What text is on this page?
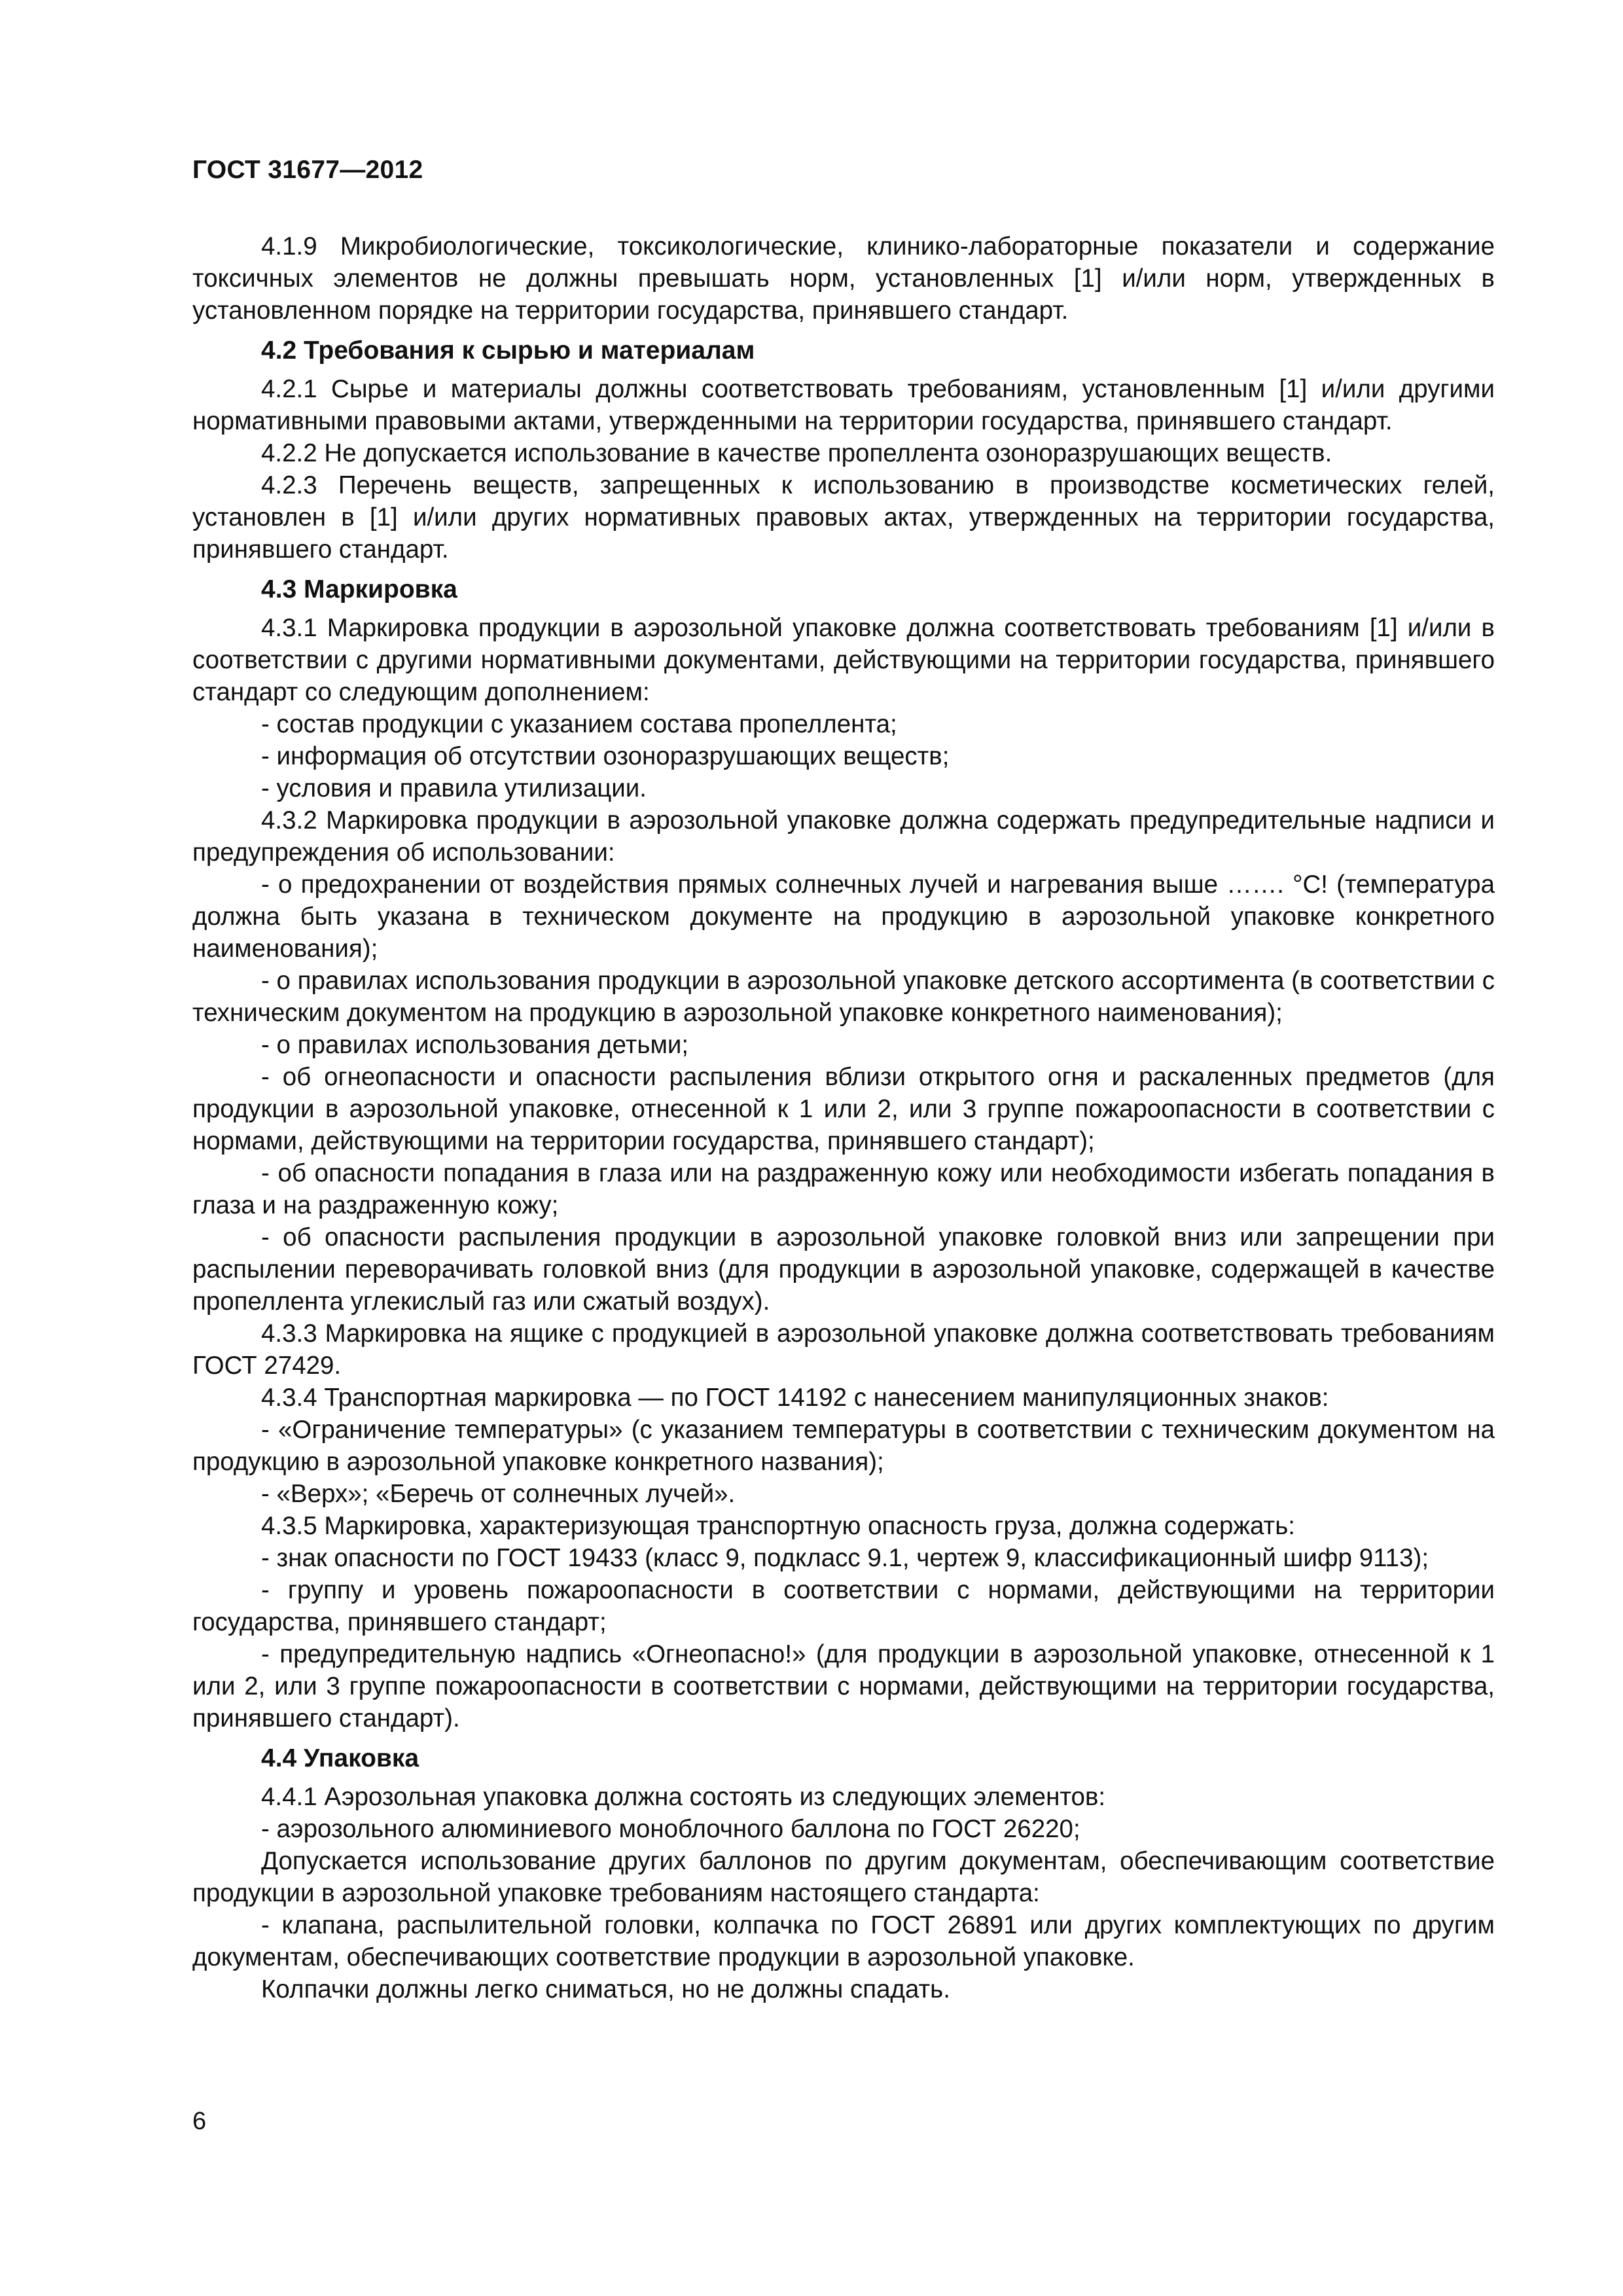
ГОСТ 31677—2012

4.1.9 Микробиологические, токсикологические, клинико-лабораторные показатели и содержание токсичных элементов не должны превышать норм, установленных [1] и/или норм, утвержденных в установленном порядке на территории государства, принявшего стандарт.

4.2 Требования к сырью и материалам

4.2.1 Сырье и материалы должны соответствовать требованиям, установленным [1] и/или другими нормативными правовыми актами, утвержденными на территории государства, принявшего стандарт.

4.2.2 Не допускается использование в качестве пропеллента озоноразрушающих веществ.

4.2.3 Перечень веществ, запрещенных к использованию в производстве косметических гелей, установлен в [1] и/или других нормативных правовых актах, утвержденных на территории государства, принявшего стандарт.

4.3 Маркировка

4.3.1 Маркировка продукции в аэрозольной упаковке должна соответствовать требованиям [1] и/или в соответствии с другими нормативными документами, действующими на территории государства, принявшего стандарт со следующим дополнением:

- состав продукции с указанием состава пропеллента;

- информация об отсутствии озоноразрушающих веществ;

- условия и правила утилизации.

4.3.2 Маркировка продукции в аэрозольной упаковке должна содержать предупредительные надписи и предупреждения об использовании:

- о предохранении от воздействия прямых солнечных лучей и нагревания выше ……. °С! (температура должна быть указана в техническом документе на продукцию в аэрозольной упаковке конкретного наименования);

- о правилах использования продукции в аэрозольной упаковке детского ассортимента (в соответствии с техническим документом на продукцию в аэрозольной упаковке конкретного наименования);

- о правилах использования детьми;

- об огнеопасности и опасности распыления вблизи открытого огня и раскаленных предметов (для продукции в аэрозольной упаковке, отнесенной к 1 или 2, или 3 группе пожароопасности в соответствии с нормами, действующими на территории государства, принявшего стандарт);

- об опасности попадания в глаза или на раздраженную кожу или необходимости избегать попадания в глаза и на раздраженную кожу;

- об опасности распыления продукции в аэрозольной упаковке головкой вниз или запрещении при распылении переворачивать головкой вниз (для продукции в аэрозольной упаковке, содержащей в качестве пропеллента углекислый газ или сжатый воздух).

4.3.3 Маркировка на ящике с продукцией в аэрозольной упаковке должна соответствовать требованиям ГОСТ 27429.

4.3.4 Транспортная маркировка — по ГОСТ 14192 с нанесением манипуляционных знаков:

- «Ограничение температуры» (с указанием температуры в соответствии с техническим документом на продукцию в аэрозольной упаковке конкретного названия);

- «Верх»; «Беречь от солнечных лучей».

4.3.5 Маркировка, характеризующая транспортную опасность груза, должна содержать:

- знак опасности по ГОСТ 19433 (класс 9, подкласс 9.1, чертеж 9, классификационный шифр 9113);

- группу и уровень пожароопасности в соответствии с нормами, действующими на территории государства, принявшего стандарт;

- предупредительную надпись «Огнеопасно!» (для продукции в аэрозольной упаковке, отнесенной к 1 или 2, или 3 группе пожароопасности в соответствии с нормами, действующими на территории государства, принявшего стандарт).

4.4 Упаковка

4.4.1 Аэрозольная упаковка должна состоять из следующих элементов:

- аэрозольного алюминиевого моноблочного баллона по ГОСТ 26220;

Допускается использование других баллонов по другим документам, обеспечивающим соответствие продукции в аэрозольной упаковке требованиям настоящего стандарта:

- клапана, распылительной головки, колпачка по ГОСТ 26891 или других комплектующих по другим документам, обеспечивающих соответствие продукции в аэрозольной упаковке.

Колпачки должны легко сниматься, но не должны спадать.

6
